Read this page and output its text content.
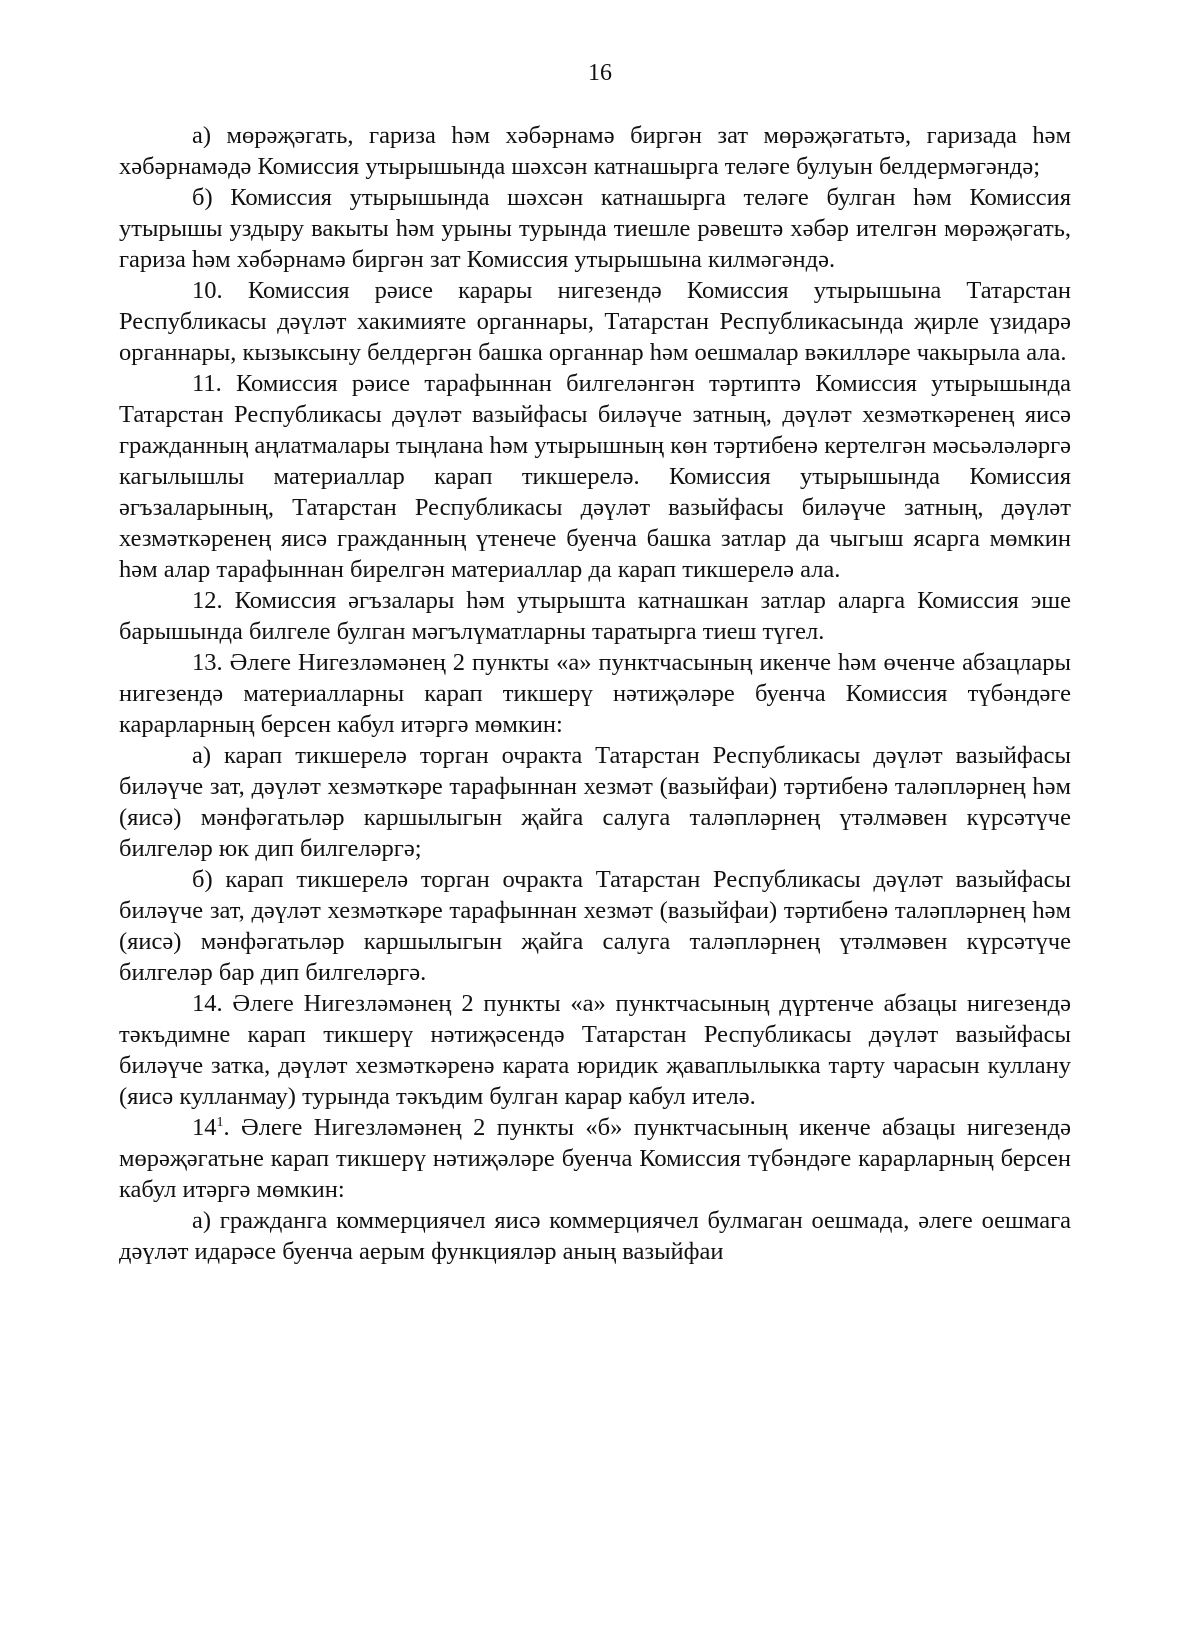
16

а) мөрәҗәгать, гариза һәм хәбәрнамә биргән зат мөрәҗәгатьтә, гаризада һәм хәбәрнамәдә Комиссия утырышында шәхсән катнашырга теләге булуын белдермәгәндә;

б) Комиссия утырышында шәхсән катнашырга теләге булган һәм Комиссия утырышы уздыру вакыты һәм урыны турында тиешле рәвештә хәбәр ителгән мөрәҗәгать, гариза һәм хәбәрнамә биргән зат Комиссия утырышына килмәгәндә.

10. Комиссия рәисе карары нигезендә Комиссия утырышына Татарстан Республикасы дәүләт хакимияте органнары, Татарстан Республикасында җирле үзидарә органнары, кызыксыну белдергән башка органнар һәм оешмалар вәкилләре чакырыла ала.

11. Комиссия рәисе тарафыннан билгеләнгән тәртиптә Комиссия утырышында Татарстан Республикасы дәүләт вазыйфасы биләүче затның, дәүләт хезмәткәренең яисә гражданның аңлатмалары тыңлана һәм утырышның көн тәртибенә кертелгән мәсьәләләргә кагылышлы материаллар карап тикшерелә. Комиссия утырышында Комиссия әгъзаларының, Татарстан Республикасы дәүләт вазыйфасы биләүче затның, дәүләт хезмәткәренең яисә гражданның үтенече буенча башка затлар да чыгыш ясарга мөмкин һәм алар тарафыннан бирелгән материаллар да карап тикшерелә ала.

12. Комиссия әгъзалары һәм утырышта катнашкан затлар аларга Комиссия эше барышында билгеле булган мәгълүматларны таратырга тиеш түгел.

13. Әлеге Нигезләмәнең 2 пункты «а» пунктчасының икенче һәм өченче абзацлары нигезендә материалларны карап тикшерү нәтиҗәләре буенча Комиссия түбәндәге карарларның берсен кабул итәргә мөмкин:

а) карап тикшерелә торган очракта Татарстан Республикасы дәүләт вазыйфасы биләүче зат, дәүләт хезмәткәре тарафыннан хезмәт (вазыйфаи) тәртибенә таләпләрнең һәм (яисә) мәнфәгатьләр каршылыгын җайга салуга таләпләрнең үтәлмәвен күрсәтүче билгеләр юк дип билгеләргә;

б) карап тикшерелә торган очракта Татарстан Республикасы дәүләт вазыйфасы биләүче зат, дәүләт хезмәткәре тарафыннан хезмәт (вазыйфаи) тәртибенә таләпләрнең һәм (яисә) мәнфәгатьләр каршылыгын җайга салуга таләпләрнең үтәлмәвен күрсәтүче билгеләр бар дип билгеләргә.

14. Әлеге Нигезләмәнең 2 пункты «а» пунктчасының дүртенче абзацы нигезендә тәкъдимне карап тикшерү нәтиҗәсендә Татарстан Республикасы дәүләт вазыйфасы биләүче затка, дәүләт хезмәткәренә карата юридик җаваплылыкка тарту чарасын куллану (яисә кулланмау) турында тәкъдим булган карар кабул ителә.

$14^1$. Әлеге Нигезләмәнең 2 пункты «б» пунктчасының икенче абзацы нигезендә мөрәҗәгатьне карап тикшерү нәтиҗәләре буенча Комиссия түбәндәге карарларның берсен кабул итәргә мөмкин:

а) гражданга коммерциячел яисә коммерциячел булмаган оешмада, әлеге оешмага дәүләт идарәсе буенча аерым функцияләр аның вазыйфаи
